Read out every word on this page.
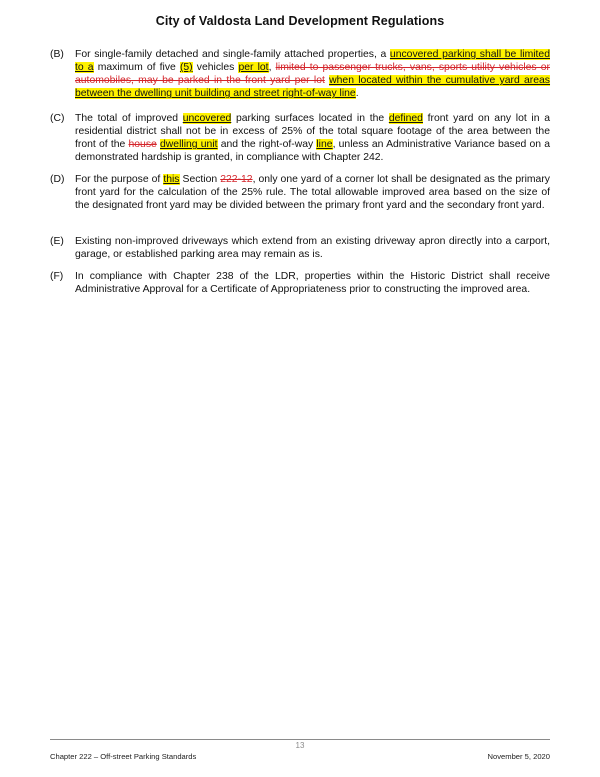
City of Valdosta Land Development Regulations
(B)	For single-family detached and single-family attached properties, a uncovered parking shall be limited to a maximum of five (5) vehicles per lot, limited to passenger trucks, vans, sports utility vehicles or automobiles, may be parked in the front yard per lot when located within the cumulative yard areas between the dwelling unit building and street right-of-way line.
(C)	The total of improved uncovered parking surfaces located in the defined front yard on any lot in a residential district shall not be in excess of 25% of the total square footage of the area between the front of the house dwelling unit and the right-of-way line, unless an Administrative Variance based on a demonstrated hardship is granted, in compliance with Chapter 242.
(D)	For the purpose of this Section 222-12, only one yard of a corner lot shall be designated as the primary front yard for the calculation of the 25% rule. The total allowable improved area based on the size of the designated front yard may be divided between the primary front yard and the secondary front yard.
(E)	Existing non-improved driveways which extend from an existing driveway apron directly into a carport, garage, or established parking area may remain as is.
(F)	In compliance with Chapter 238 of the LDR, properties within the Historic District shall receive Administrative Approval for a Certificate of Appropriateness prior to constructing the improved area.
13
Chapter 222 – Off-street Parking Standards	November 5, 2020
